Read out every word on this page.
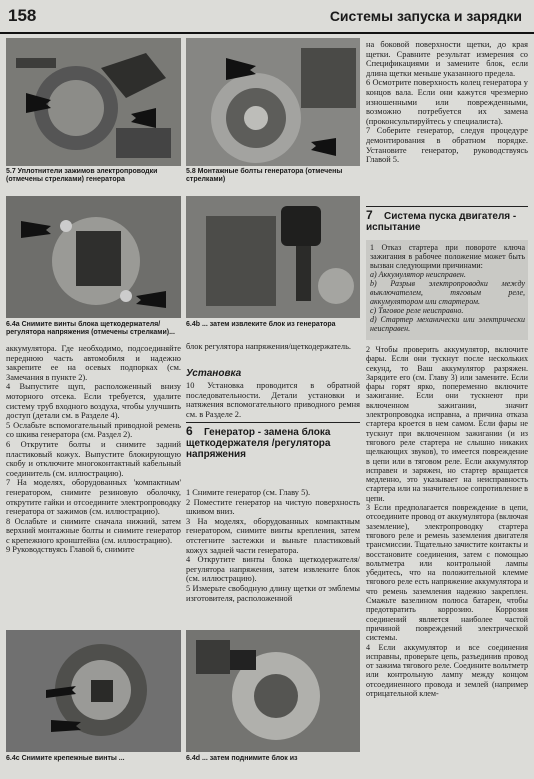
158	Системы запуска и зарядки
5.7 Уплотнители зажимов электропроводки (отмечены стрелками) генератора
5.8 Монтажные болты генератора (отмечены стрелками)
6.4а Снимите винты блока щеткодержателя/регулятора напряжения (отмечены стрелками)...
6.4b ... затем извлеките блок из генератора
6.4с Снимите крепежные винты ...	6.4d ... затем поднимите блок из

аккумулятора. Где необходимо, подсоединяйте переднюю часть автомобиля и надежно закрепите ее на осевых подпорках (см. Замечания в пункте 2).

4 Выпустите щуп, расположенный внизу моторного отсека. Если требуется, удалите систему труб входного воздуха, чтобы улучшить доступ (детали см. в Разделе 4).

5 Ослабьте вспомогательный приводной ремень со шкива генератора (см. Раздел 2).

6 Открутите болты и снимите задний пластиковый кожух. Выпустите блокирующую скобу и отключите многоконтактный кабельный соединитель (см. иллюстрацию).

7 На моделях, оборудованных 'компактным' генератором, снимите резиновую оболочку, открутите гайки и отсоедините электропроводку генератора от зажимов (см. иллюстрацию).

8 Ослабьте и снимите сначала нижний, затем верхний монтажные болты и снимите генератор с крепежного кронштейна (см. иллюстрацию).

9 Руководствуясь Главой 6, снимите

блок регулятора напряжения/щеткодержатель.
Установка
10 Установка проводится в обратной последовательности. Детали установки и натяжения вспомогательного приводного ремня см. в Разделе 2.
6 Генератор - замена блока щеткодержателя /регулятора напряжения

1 Снимите генератор (см. Главу 5).

2 Поместите генератор на чистую поверхность шкивом вниз.

3 На моделях, оборудованных компактным генератором, снимите винты крепления, затем отстегните застежки и выньте пластиковый кожух задней части генератора.

4 Открутите винты блока щеткодержателя/регулятора напряжения, затем извлеките блок (см. иллюстрацию).

5 Измерьте свободную длину щетки от эмблемы изготовителя, расположенной

на боковой поверхности щетки, до края щетки. Сравните результат измерения со Спецификациями и замените блок, если длина щетки меньше указанного предела.

6 Осмотрите поверхность колец генератора у концов вала. Если они кажутся чрезмерно изношенными или поврежденными, возможно потребуется их замена (проконсультируйтесь у специалиста).

7 Соберите генератор, следуя процедуре демонтирования в обратном порядке. Установите генератор, руководствуясь Главой 5.

7 Система пуска двигателя - испытание

1 Отказ стартера при повороте ключа зажигания в рабочее положение может быть вызван следующими причинами:

а) Аккумулятор неисправен.

b) Разрыв электропроводки между выключателем, тяговым реле, аккумулятором или стартером.

с) Тяговое реле неисправно.

d) Стартер механически или электрически неисправен.

2 Чтобы проверить аккумулятор, включите фары. Если они тускнут после нескольких секунд, то Ваш аккумулятор разряжен. Зарядите его (см. Главу 3) или замените. Если фары горят ярко, попеременно включите зажигание. Если они тускнеют при включенном зажигании, значит электропроводка исправна, а причина отказа стартера кроется в нем самом. Если фары не тускнут при включенном зажигании (и из тягового реле стартера не слышно никаких щелкающих звуков), то имеется повреждение в цепи или в тяговом реле. Если аккумулятор исправен и заряжен, но стартер вращается медленно, это указывает на неисправность стартера или на значительное сопротивление в цепи.

3 Если предполагается повреждение в цепи, отсоедините провод от аккумулятора (включая заземление), электропроводку стартера тягового реле и ремень заземления двигателя трансмиссии. Тщательно зачистите контакты и восстановите соединения, затем с помощью вольтметра или контрольной лампы убедитесь, что на положительной клемме тягового реле есть напряжение аккумулятора и что ремень заземления надежно закреплен. Смажьте вазелином полюса батареи, чтобы предотвратить коррозию. Коррозия соединений является наиболее частой причиной повреждений электрической системы.

4 Если аккумулятор и все соединения исправны, проверьте цепь, разъединив провод от зажима тягового реле. Соедините вольтметр или контрольную лампу между концом отсоединенного провода и землей (например отрицательной клем-
